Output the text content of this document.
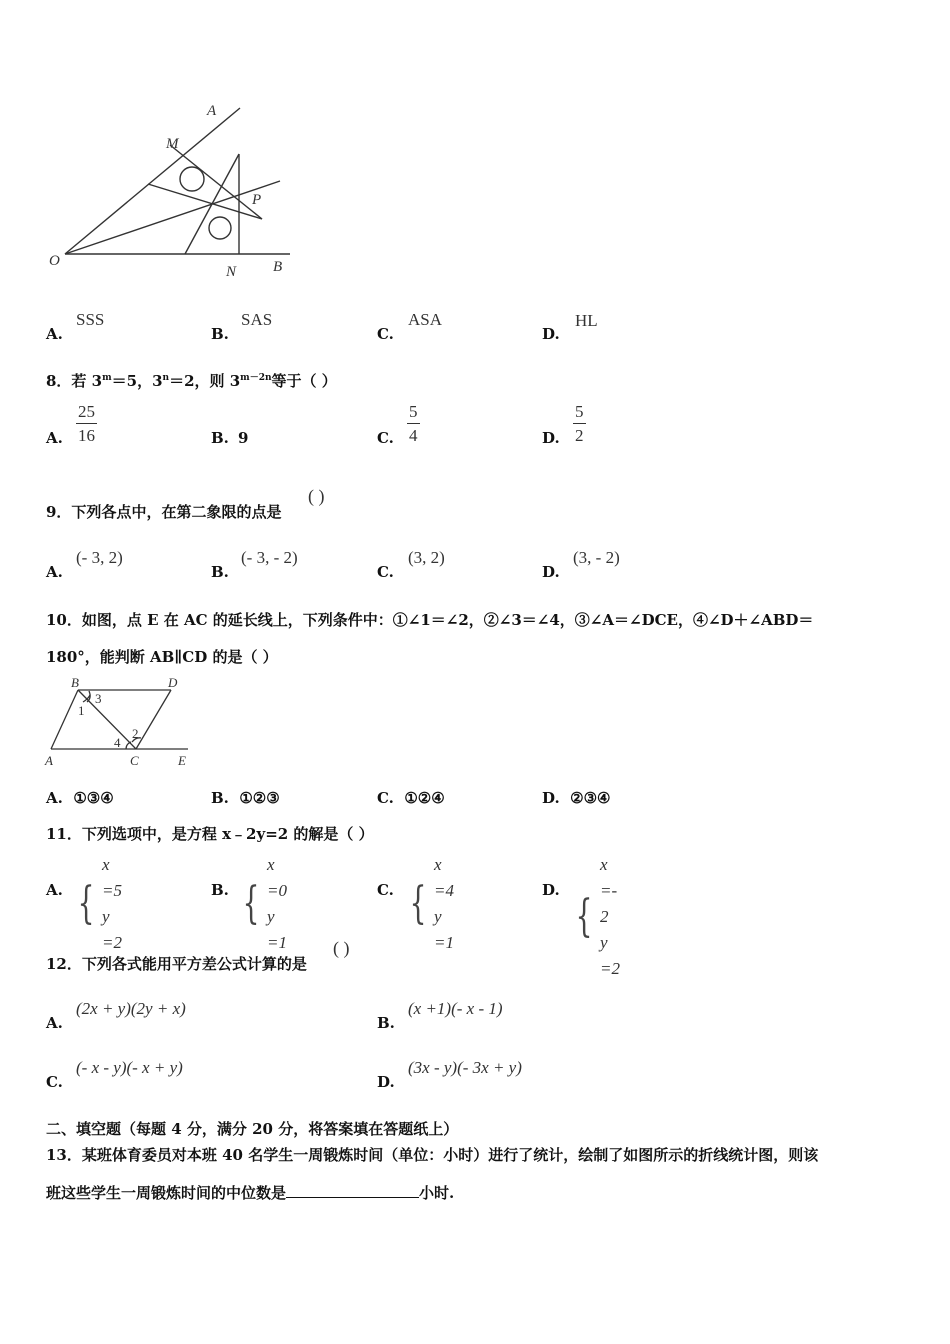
A
M
P
O
N B
A.
SSS
B.
SAS
C.
ASA
D.
HL
8．若 $3^m=5$，$3^n=2$，则 $3^{m-2n}$等于（ ）
A. $\frac{25}{16}$	B. 9	C. $\frac{5}{4}$	D. $\frac{5}{2}$
9．下列各点中，在第二象限的点是
( )
A.
(- 3, 2)
B.
(- 3, - 2)
C.
(3, 2)
D.
(3, - 2)
10．如图，点 E 在 AC 的延长线上，下列条件中：①∠1＝∠2，②∠3＝∠4，③∠A＝∠DCE，④∠D＋∠ABD＝
180°，能判断 AB∥CD 的是（ ）
B	D
3
1
4
2
A	C	E
A. ①③④	B. ①②③	C. ①②④	D. ②③④
11．下列选项中，是方程 x﹣2y=2 的解是（ ）
A. {
x =5
y =2
B. {
x =0
y =1
C. {
x =4
y =1
D.
{
x =- 2
y =2
12．下列各式能用平方差公式计算的是
( )
A.
(2x + y)(2y + x)
B.
(x +1)(- x - 1)
C.
(- x - y)(- x + y)
D.
(3x - y)(- 3x + y)
二、填空题（每题 4 分，满分 20 分，将答案填在答题纸上）
13．某班体育委员对本班 40 名学生一周锻炼时间（单位：小时）进行了统计，绘制了如图所示的折线统计图，则该
班这些学生一周锻炼时间的中位数是	小时.
